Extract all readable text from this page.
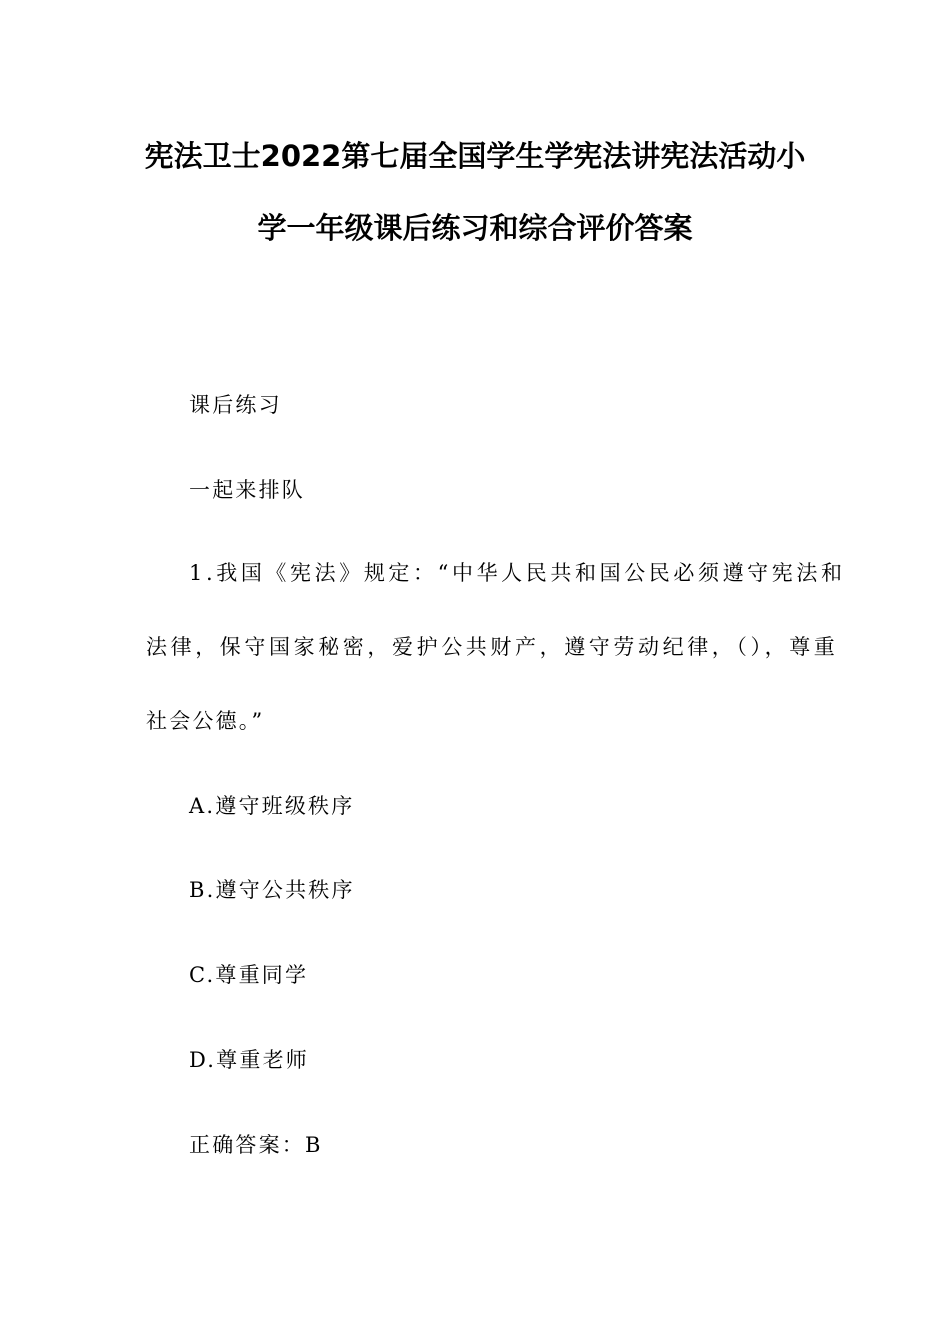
宪法卫士2022第七届全国学生学宪法讲宪法活动小
学一年级课后练习和综合评价答案
课后练习
一起来排队
1.我国《宪法》规定：“中华人民共和国公民必须遵守宪法和
法律，保守国家秘密，爱护公共财产，遵守劳动纪律，（），尊重
社会公德。”
A.遵守班级秩序
B.遵守公共秩序
C.尊重同学
D.尊重老师
正确答案：B
